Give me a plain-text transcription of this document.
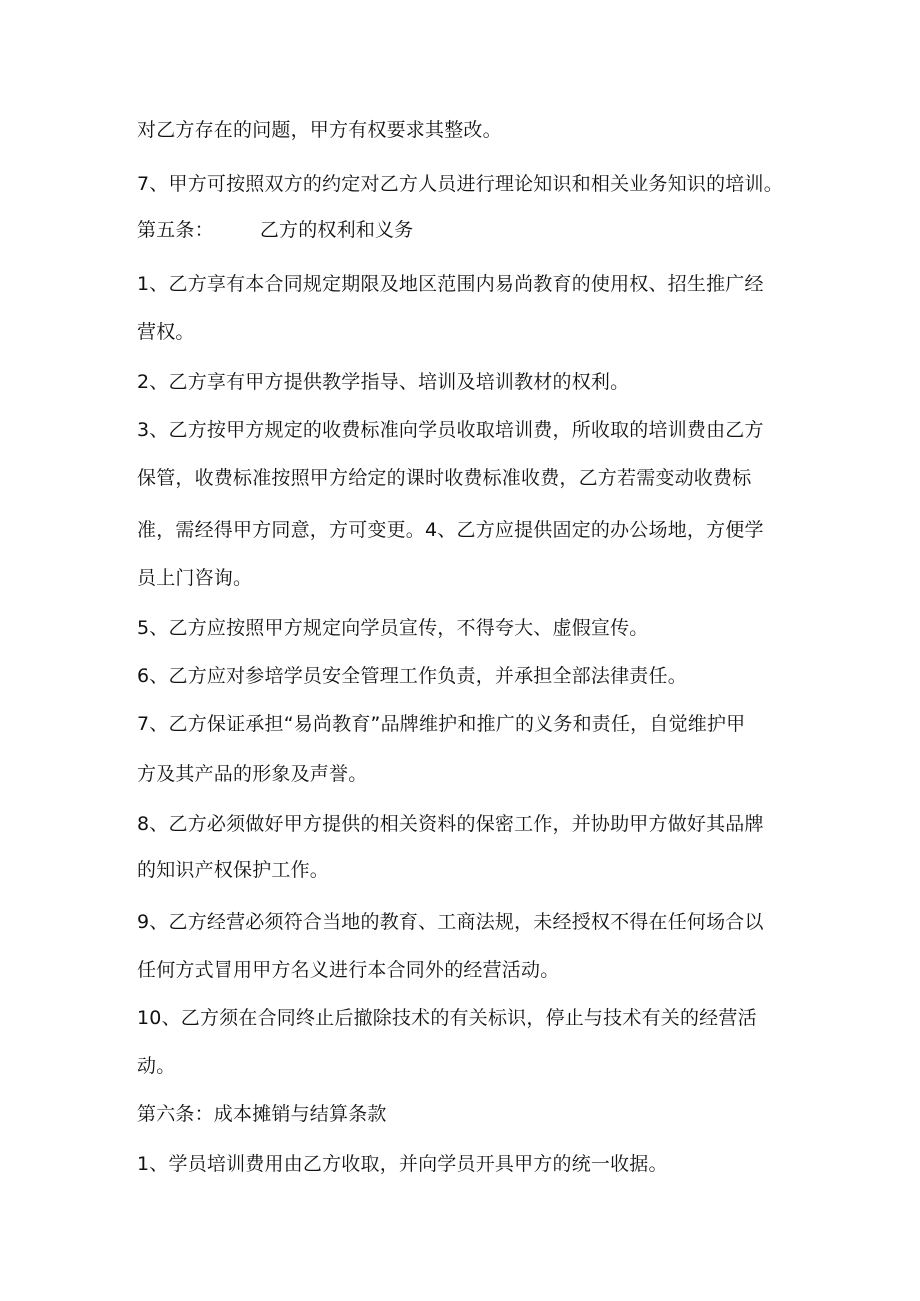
对乙方存在的问题，甲方有权要求其整改。
7、甲方可按照双方的约定对乙方人员进行理论知识和相关业务知识的培训。
第五条： 乙方的权利和义务
1、乙方享有本合同规定期限及地区范围内易尚教育的使用权、招生推广经
营权。
2、乙方享有甲方提供教学指导、培训及培训教材的权利。
3、乙方按甲方规定的收费标准向学员收取培训费，所收取的培训费由乙方
保管，收费标准按照甲方给定的课时收费标准收费，乙方若需变动收费标
准，需经得甲方同意，方可变更。4、乙方应提供固定的办公场地，方便学
员上门咨询。
5、乙方应按照甲方规定向学员宣传，不得夸大、虚假宣传。
6、乙方应对参培学员安全管理工作负责，并承担全部法律责任。
7、乙方保证承担“易尚教育”品牌维护和推广的义务和责任，自觉维护甲
方及其产品的形象及声誉。
8、乙方必须做好甲方提供的相关资料的保密工作，并协助甲方做好其品牌
的知识产权保护工作。
9、乙方经营必须符合当地的教育、工商法规，未经授权不得在任何场合以
任何方式冒用甲方名义进行本合同外的经营活动。
10、乙方须在合同终止后撤除技术的有关标识，停止与技术有关的经营活
动。
第六条：成本摊销与结算条款
1、学员培训费用由乙方收取，并向学员开具甲方的统一收据。
